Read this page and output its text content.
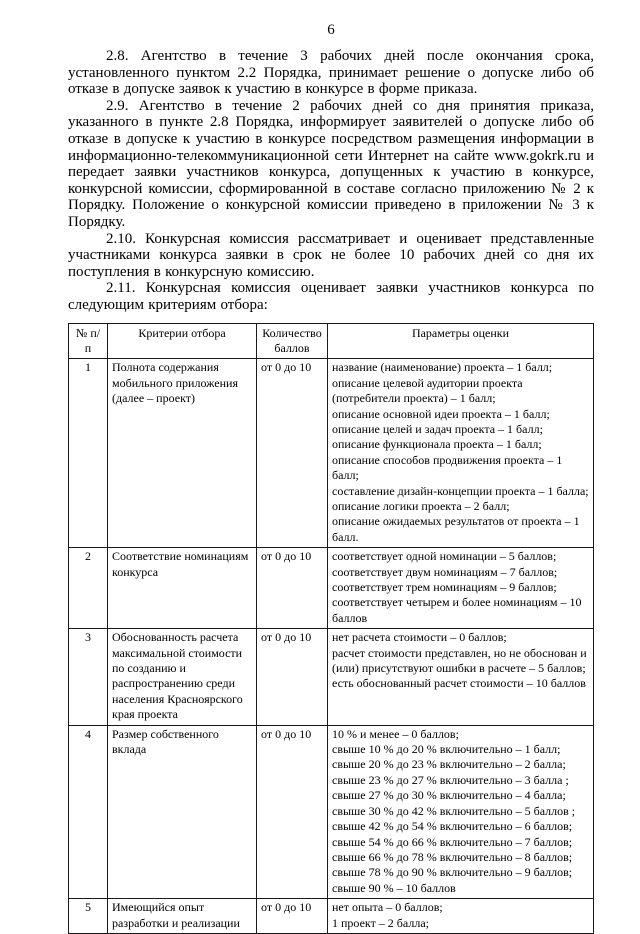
6

2.8. Агентство в течение 3 рабочих дней после окончания срока, установленного пунктом 2.2 Порядка, принимает решение о допуске либо об отказе в допуске заявок к участию в конкурсе в форме приказа.

2.9. Агентство в течение 2 рабочих дней со дня принятия приказа, указанного в пункте 2.8 Порядка, информирует заявителей о допуске либо об отказе в допуске к участию в конкурсе посредством размещения информации в информационно-телекоммуникационной сети Интернет на сайте www.gokrk.ru и передает заявки участников конкурса, допущенных к участию в конкурсе, конкурсной комиссии, сформированной в составе согласно приложению № 2 к Порядку. Положение о конкурсной комиссии приведено в приложении № 3 к Порядку.

2.10. Конкурсная комиссия рассматривает и оценивает представленные участниками конкурса заявки в срок не более 10 рабочих дней со дня их поступления в конкурсную комиссию.

2.11. Конкурсная комиссия оценивает заявки участников конкурса по следующим критериям отбора:

№ п/п	Критерии отбора	Количество баллов	Параметры оценки
1	Полнота содержания мобильного приложения (далее – проект)	от 0 до 10	название (наименование) проекта – 1 балл;
описание целевой аудитории проекта (потребители проекта) – 1 балл;
описание основной идеи проекта – 1 балл;
описание целей и задач проекта – 1 балл;
описание функционала проекта – 1 балл;
описание способов продвижения проекта – 1 балл;
составление дизайн-концепции проекта – 1 балла;
описание логики проекта – 2 балл;
описание ожидаемых результатов от проекта – 1 балл.

2	Соответствие номинациям конкурса	от 0 до 10	соответствует одной номинации – 5 баллов;
соответствует двум номинациям – 7 баллов;
соответствует трем номинациям – 9 баллов;
соответствует четырем и более номинациям – 10 баллов

3	Обоснованность расчета максимальной стоимости по созданию и распространению среди населения Красноярского края проекта	от 0 до 10	нет расчета стоимости – 0 баллов;
расчет стоимости представлен, но не обоснован и (или) присутствуют ошибки в расчете – 5 баллов;
есть обоснованный расчет стоимости – 10 баллов

4	Размер собственного вклада	от 0 до 10	10 % и менее – 0 баллов;
свыше 10 % до 20 % включительно – 1 балл;
свыше 20 % до 23 % включительно – 2 балла;
свыше 23 % до 27 % включительно – 3 балла ;
свыше 27 % до 30 % включительно – 4 балла;
свыше 30 % до 42 % включительно – 5 баллов ;
свыше 42 % до 54 % включительно – 6 баллов;
свыше 54 % до 66 % включительно – 7 баллов;
свыше 66 % до 78 % включительно – 8 баллов;
свыше 78 % до 90 % включительно – 9 баллов;
свыше 90 % – 10 баллов

5	Имеющийся опыт разработки и реализации	от 0 до 10	нет опыта – 0 баллов;
1 проект – 2 балла;
